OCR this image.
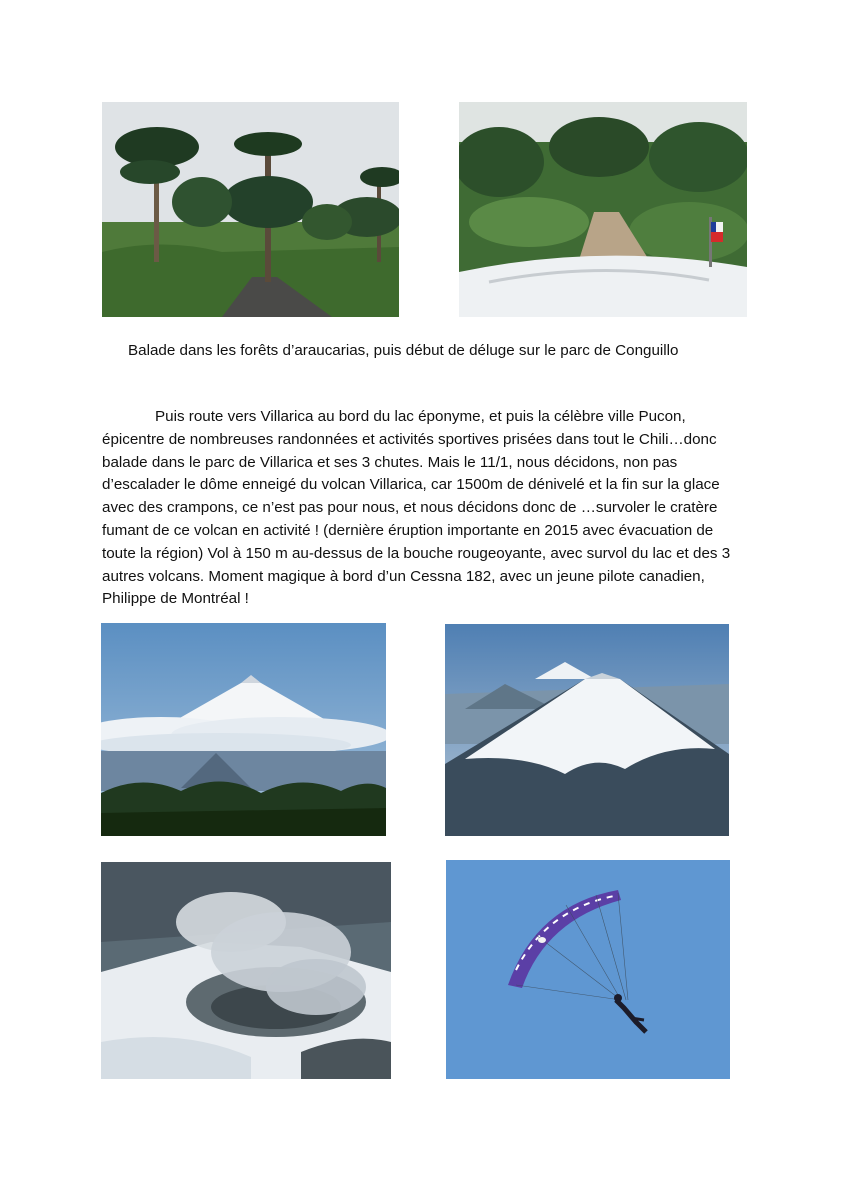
Balade dans les forêts d’araucarias, puis début de déluge sur le parc de Conguillo
Puis route vers Villarica au bord du lac éponyme, et puis la célèbre ville Pucon,
épicentre de nombreuses randonnées et activités sportives prisées dans tout le Chili…donc
balade dans le parc de Villarica et ses 3 chutes. Mais le 11/1, nous décidons, non pas
d’escalader le dôme enneigé du volcan Villarica, car 1500m de dénivelé et la fin sur la glace
avec des crampons, ce n’est pas pour nous, et nous décidons donc de …survoler le cratère
fumant de ce volcan en activité ! (dernière éruption importante en 2015 avec évacuation de
toute la région) Vol à 150 m au-dessus de la bouche rougeoyante, avec survol du lac et des 3
autres volcans. Moment magique à bord d’un Cessna 182, avec un jeune pilote canadien,
Philippe de Montréal !
